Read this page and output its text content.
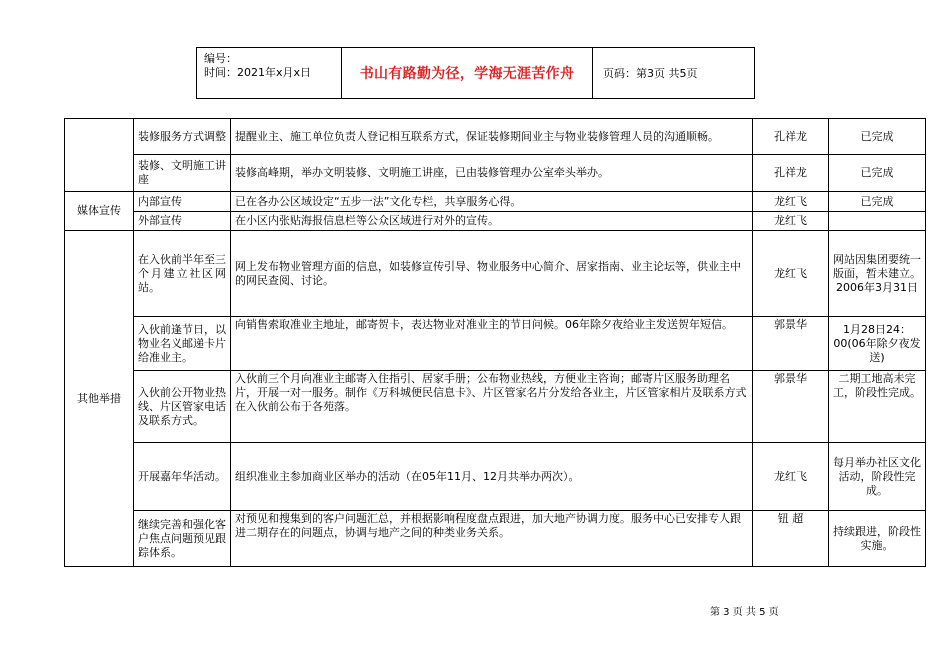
编号：
时间：2021年x月x日	书山有路勤为径，学海无涯苦作舟	页码：第3页 共5页
	装修服务方式调整	提醒业主、施工单位负责人登记相互联系方式，保证装修期间业主与物业装修管理人员的沟通顺畅。	孔祥龙	已完成
	装修、文明施工讲座	装修高峰期，举办文明装修、文明施工讲座，已由装修管理办公室牵头举办。	孔祥龙	已完成
媒体宣传	内部宣传	已在各办公区域设定“五步一法”文化专栏，共享服务心得。	龙红飞	已完成
	外部宣传	在小区内张贴海报信息栏等公众区域进行对外的宣传。	龙红飞	
其他举措	在入伙前半年至三个月建立社区网站。	网上发布物业管理方面的信息，如装修宣传引导、物业服务中心简介、居家指南、业主论坛等，供业主中的网民查阅、讨论。	龙红飞	网站因集团要统一版面，暂未建立。2006年3月31日
	入伙前逢节日，以物业名义邮递卡片给准业主。	向销售索取准业主地址，邮寄贺卡，表达物业对准业主的节日问候。06年除夕夜给业主发送贺年短信。	郭景华	1月28日24：00(06年除夕夜发送)
	入伙前公开物业热线、片区管家电话及联系方式。	入伙前三个月向准业主邮寄入住指引、居家手册；公布物业热线，方便业主咨询；邮寄片区服务助理名片，开展一对一服务。制作《万科城便民信息卡》、片区管家名片分发给各业主，片区管家相片及联系方式在入伙前公布于各苑落。	郭景华	二期工地高未完工，阶段性完成。
	开展嘉年华活动。	组织准业主参加商业区举办的活动（在05年11月、12月共举办两次）。	龙红飞	每月举办社区文化活动，阶段性完成。
	继续完善和强化客户焦点问题预见跟踪体系。	对预见和搜集到的客户问题汇总，并根据影响程度盘点跟进，加大地产协调力度。服务中心已安排专人跟进二期存在的问题点，协调与地产之间的种类业务关系。	钮 超	持续跟进，阶段性实施。
第 3 页 共 5 页
